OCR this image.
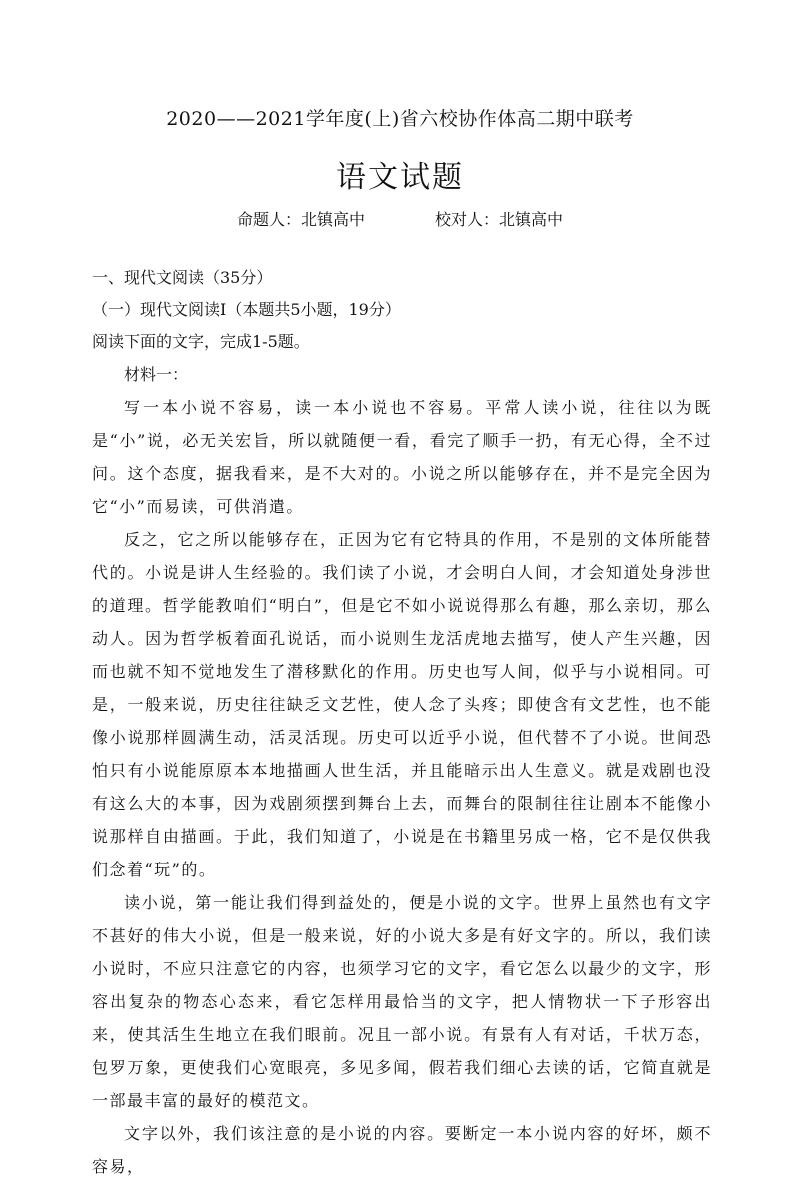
2020——2021学年度(上)省六校协作体高二期中联考
语文试题
命题人：北镇高中	校对人：北镇高中
一、现代文阅读（35分）
（一）现代文阅读Ⅰ（本题共5小题，19分）
阅读下面的文字，完成1-5题。
材料一：

写一本小说不容易，读一本小说也不容易。平常人读小说，往往以为既是“小”说，必无关宏旨，所以就随便一看，看完了顺手一扔，有无心得，全不过问。这个态度，据我看来，是不大对的。小说之所以能够存在，并不是完全因为它“小”而易读，可供消遣。

反之，它之所以能够存在，正因为它有它特具的作用，不是别的文体所能替代的。小说是讲人生经验的。我们读了小说，才会明白人间，才会知道处身涉世的道理。哲学能教咱们“明白”，但是它不如小说说得那么有趣，那么亲切，那么动人。因为哲学板着面孔说话，而小说则生龙活虎地去描写，使人产生兴趣，因而也就不知不觉地发生了潜移默化的作用。历史也写人间，似乎与小说相同。可是，一般来说，历史往往缺乏文艺性，使人念了头疼；即使含有文艺性，也不能像小说那样圆满生动，活灵活现。历史可以近乎小说，但代替不了小说。世间恐怕只有小说能原原本本地描画人世生活，并且能暗示出人生意义。就是戏剧也没有这么大的本事，因为戏剧须摆到舞台上去，而舞台的限制往往让剧本不能像小说那样自由描画。于此，我们知道了，小说是在书籍里另成一格，它不是仅供我们念着“玩”的。

读小说，第一能让我们得到益处的，便是小说的文字。世界上虽然也有文字不甚好的伟大小说，但是一般来说，好的小说大多是有好文字的。所以，我们读小说时，不应只注意它的内容，也须学习它的文字，看它怎么以最少的文字，形容出复杂的物态心态来，看它怎样用最恰当的文字，把人情物状一下子形容出来，使其活生生地立在我们眼前。况且一部小说。有景有人有对话，千状万态，包罗万象，更使我们心宽眼亮，多见多闻，假若我们细心去读的话，它简直就是一部最丰富的最好的模范文。

文字以外，我们该注意的是小说的内容。要断定一本小说内容的好坏，颇不容易，
